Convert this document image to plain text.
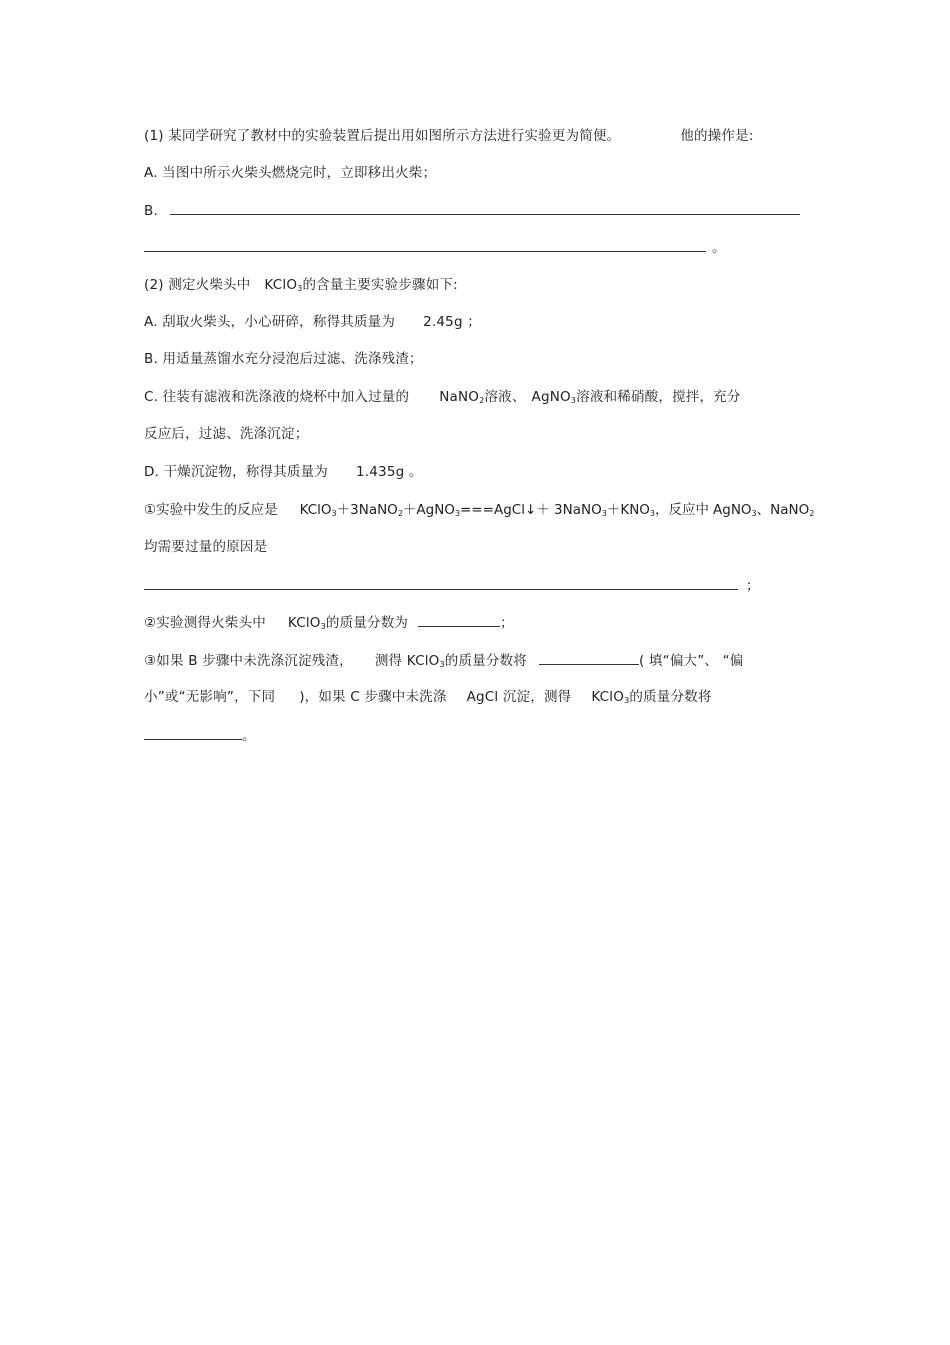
(1) 某同学研究了教材中的实验装置后提出用如图所示方法进行实验更为简便。	他的操作是:
A. 当图中所示火柴头燃烧完时，立即移出火柴；
B.
。
(2) 测定火柴头中 KClO$_3$的含量主要实验步骤如下:
A. 刮取火柴头，小心研碎，称得其质量为 2.45g ；
B. 用适量蒸馏水充分浸泡后过滤、洗涤残渣；
C. 往装有滤液和洗涤液的烧杯中加入过量的 NaNO$_2$溶液、 AgNO$_3$溶液和稀硝酸，搅拌，充分
反应后，过滤、洗涤沉淀；
D. 干燥沉淀物，称得其质量为 1.435g 。
①实验中发生的反应是 KClO$_3$＋3NaNO$_2$＋AgNO$_3$===AgCl↓＋ $3NaNO_3+KNO_3$，反应中 AgNO$_3$、NaNO$_2$
均需要过量的原因是
；
②实验测得火柴头中 KClO$_3$的质量分数为	；
③如果 B 步骤中未洗涤沉淀残渣， 测得 KClO$_3$的质量分数将	( 填“偏大”、 “偏
小”或“无影响”，下同 )，如果 C 步骤中未洗涤 AgCl 沉淀，测得 KClO$_3$的质量分数将
。
